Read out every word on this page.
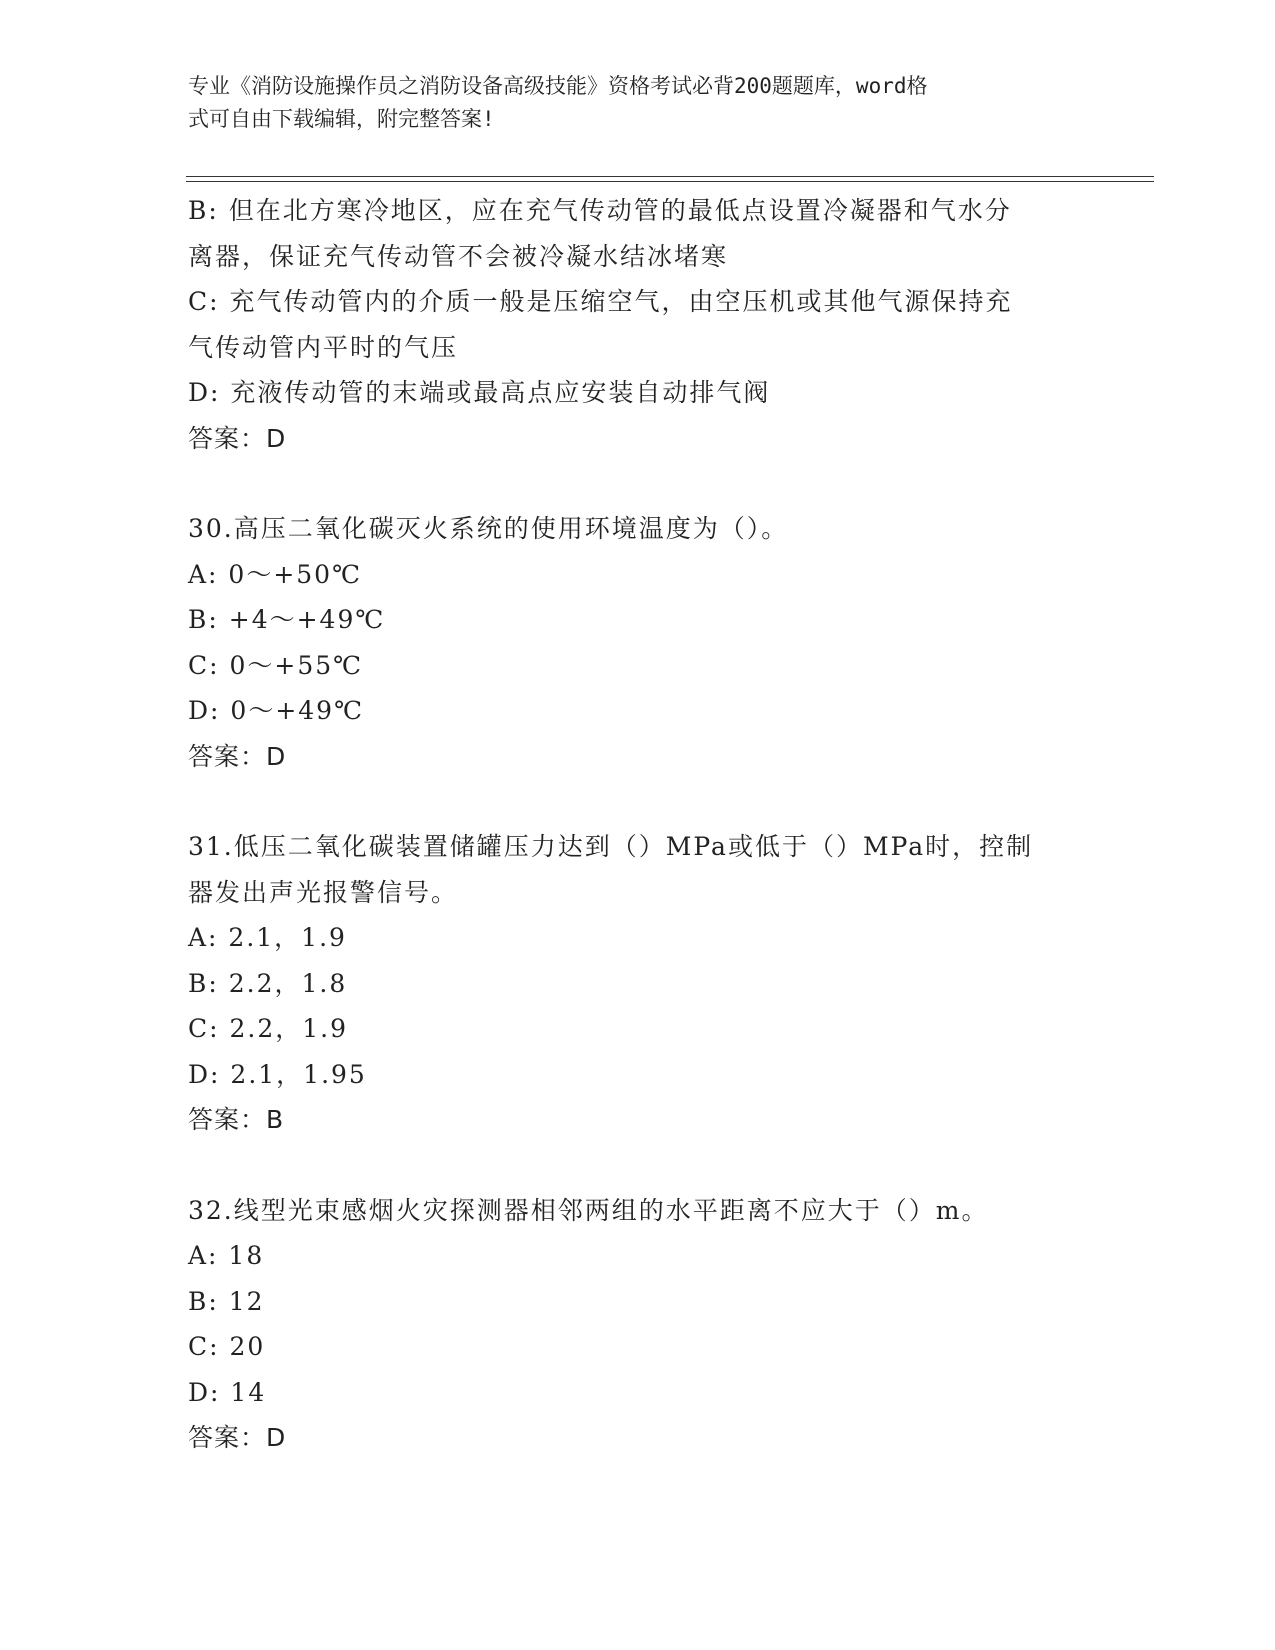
专业《消防设施操作员之消防设备高级技能》资格考试必背200题题库，word格
式可自由下载编辑，附完整答案!
B: 但在北方寒冷地区，应在充气传动管的最低点设置冷凝器和气水分
离器，保证充气传动管不会被冷凝水结冰堵寒
C: 充气传动管内的介质一般是压缩空气，由空压机或其他气源保持充
气传动管内平时的气压
D: 充液传动管的末端或最高点应安装自动排气阀
答案：D
30.高压二氧化碳灭火系统的使用环境温度为（）。
A: 0～+50℃
B: +4～+49℃
C: 0～+55℃
D: 0～+49℃
答案：D
31.低压二氧化碳装置储罐压力达到（）MPa或低于（）MPa时，控制
器发出声光报警信号。
A: 2.1，1.9
B: 2.2，1.8
C: 2.2，1.9
D: 2.1，1.95
答案：B
32.线型光束感烟火灾探测器相邻两组的水平距离不应大于（）m。
A: 18
B: 12
C: 20
D: 14
答案：D
